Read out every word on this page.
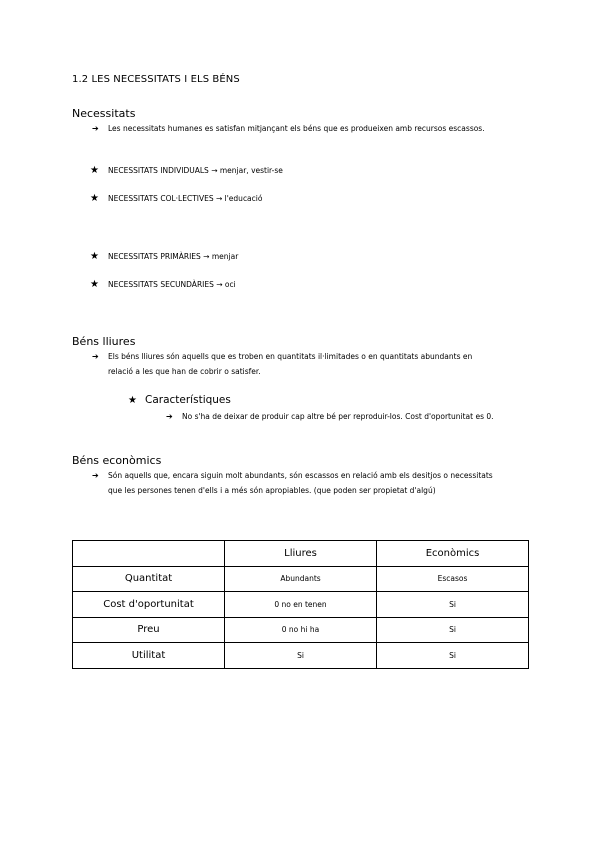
1.2 LES NECESSITATS I ELS BÉNS
Necessitats
➔ Les necessitats humanes es satisfan mitjançant els béns que es produeixen amb recursos escassos.
★ NECESSITATS INDIVIDUALS → menjar, vestir-se
★ NECESSITATS COL·LECTIVES → l'educació
★ NECESSITATS PRIMÀRIES → menjar
★ NECESSITATS SECUNDÀRIES → oci
Béns lliures
➔ Els béns lliures són aquells que es troben en quantitats il·limitades o en quantitats abundants en
relació a les que han de cobrir o satisfer.
★ Característiques
➔ No s'ha de deixar de produir cap altre bé per reproduir-los. Cost d'oportunitat es 0.
Béns econòmics
➔ Són aquells que, encara siguin molt abundants, són escassos en relació amb els desitjos o necessitats
que les persones tenen d'ells i a més són apropiables. (que poden ser propietat d'algú)
	Lliures	Econòmics
Quantitat	Abundants	Escasos
Cost d'oportunitat	0 no en tenen	Si
Preu	0 no hi ha	Si
Utilitat	Si	Si
